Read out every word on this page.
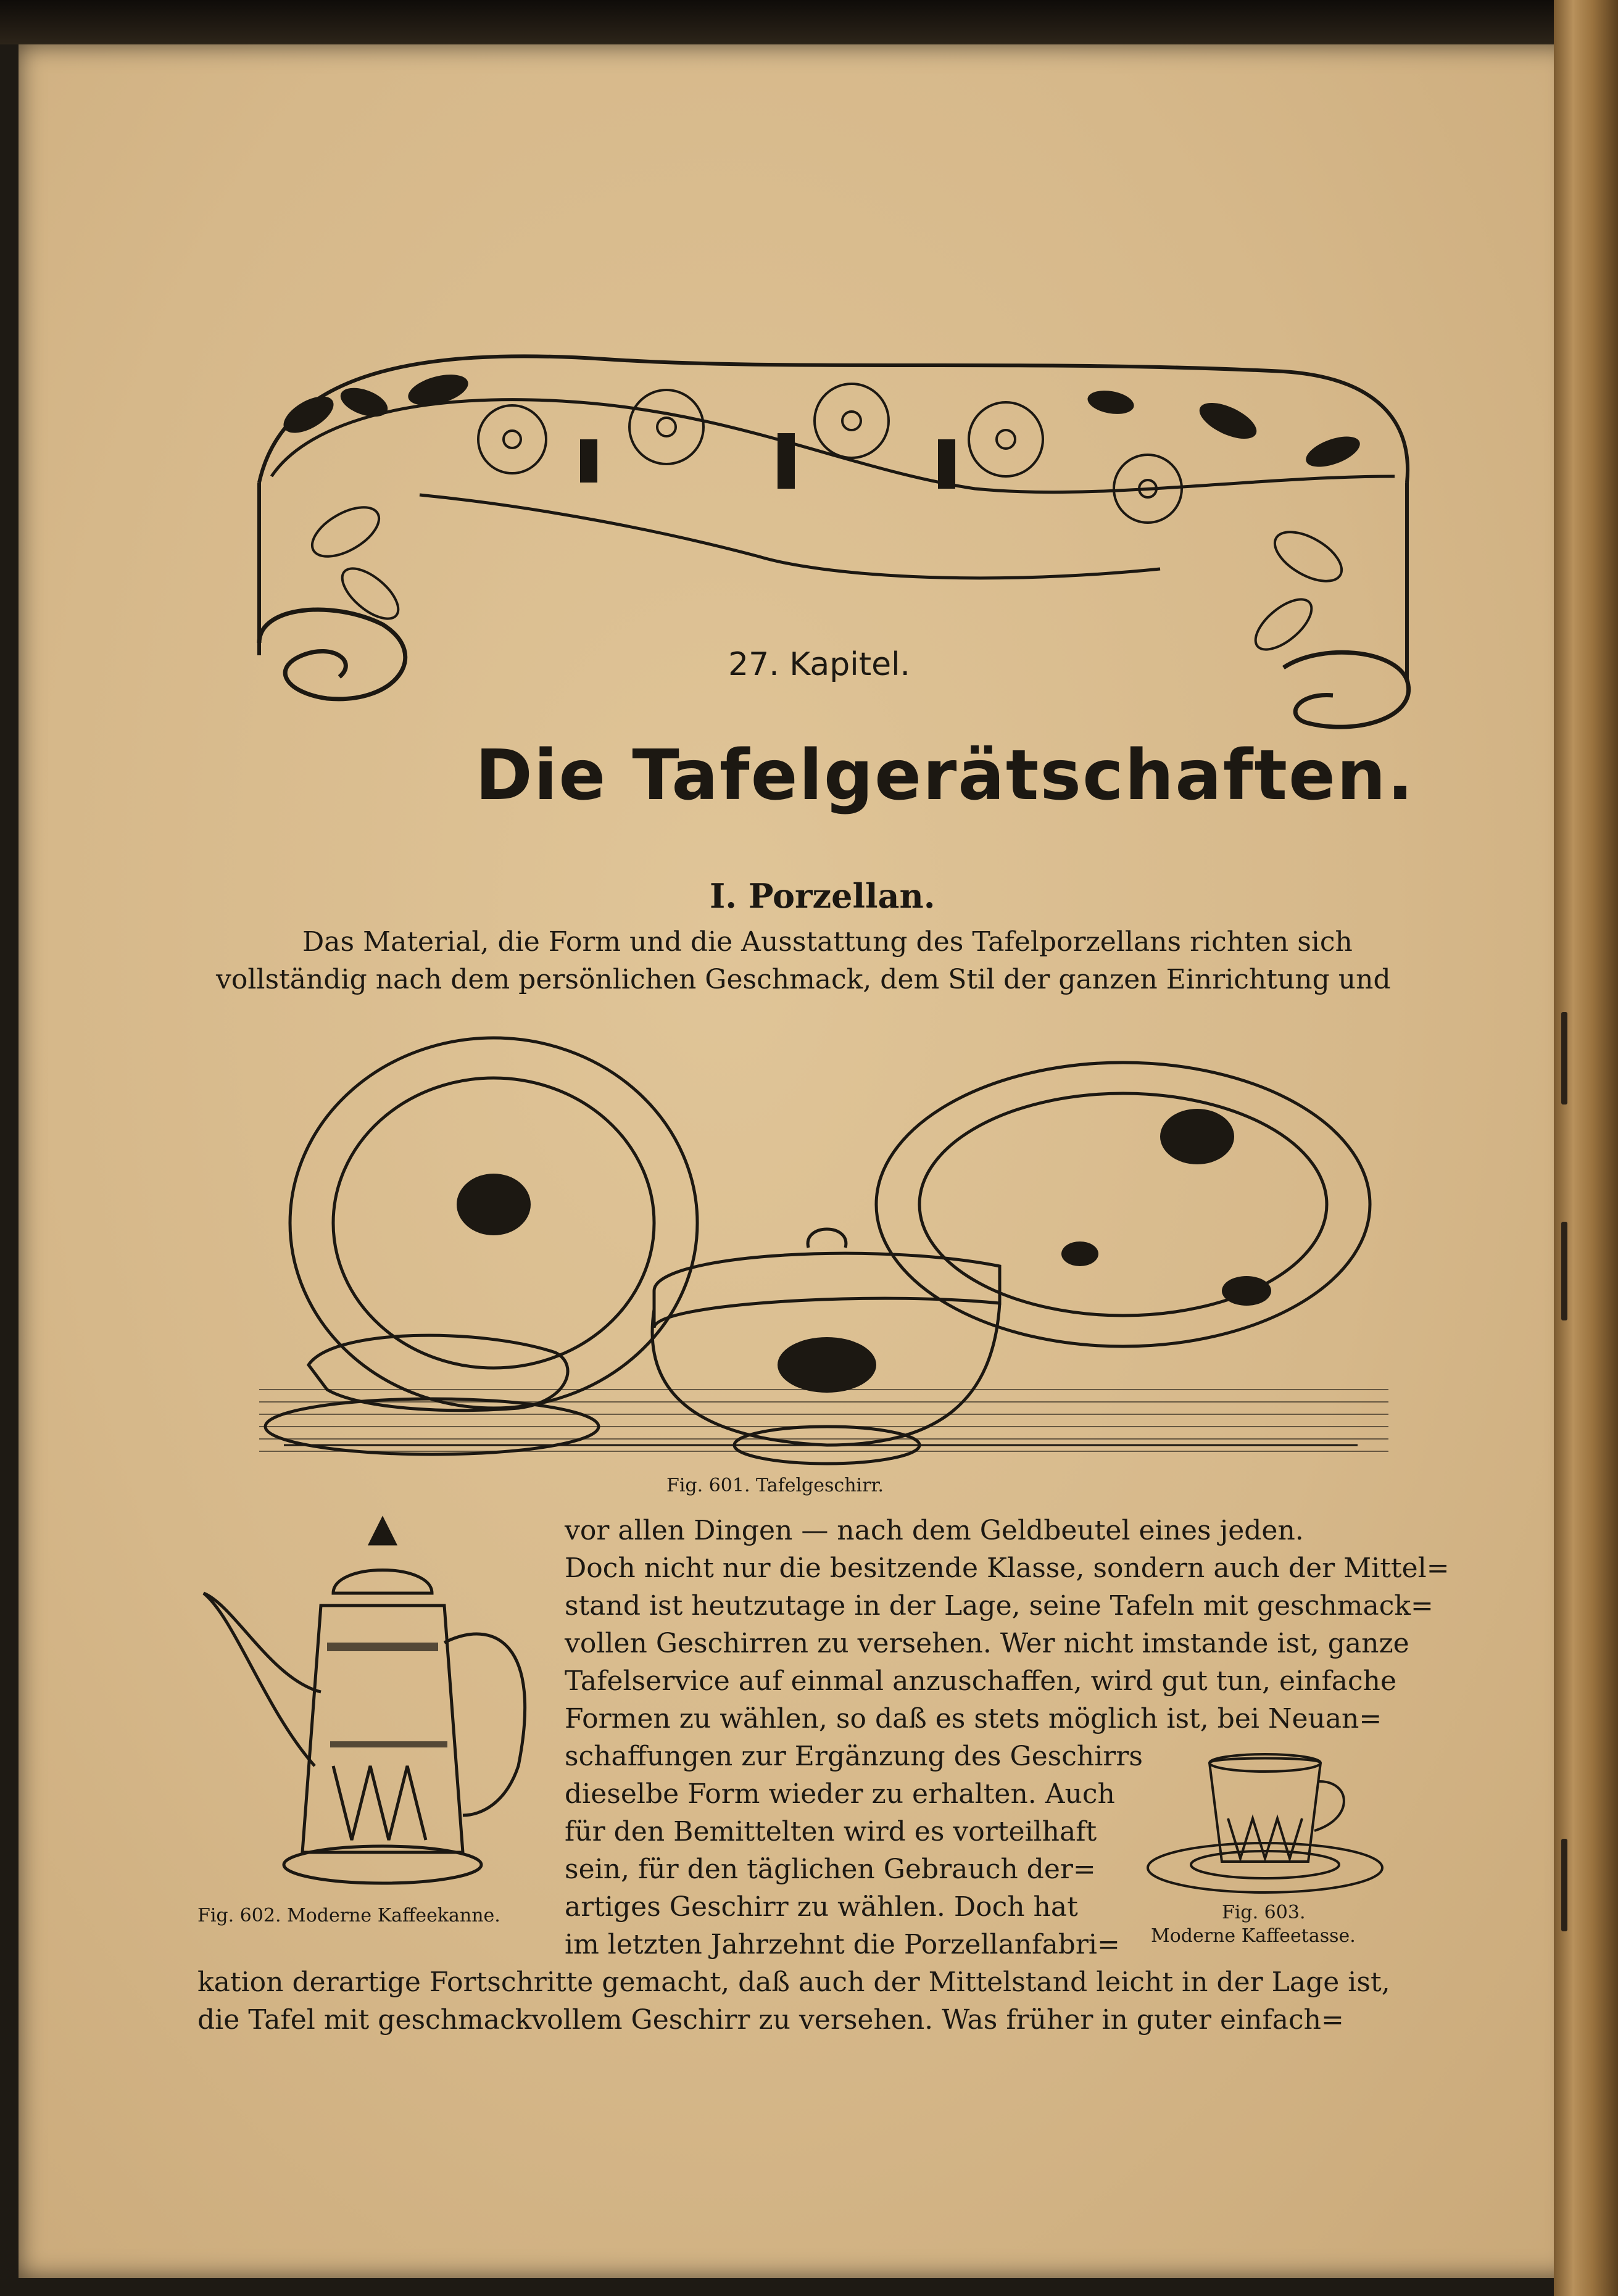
27. Kapitel.
Die Tafelgerätschaften.
I. Porzellan.
Das Material, die Form und die Ausstattung des Tafelporzellans richten sich
vollständig nach dem persönlichen Geschmack, dem Stil der ganzen Einrichtung und
Fig. 601. Tafelgeschirr.
Fig. 602. Moderne Kaffeekanne.	Fig. 603.
Moderne Kaffeetasse.
vor allen Dingen — nach dem Geldbeutel eines jeden.
Doch nicht nur die besitzende Klasse, sondern auch der Mittel=
stand ist heutzutage in der Lage, seine Tafeln mit geschmack=
vollen Geschirren zu versehen. Wer nicht imstande ist, ganze
Tafelservice auf einmal anzuschaffen, wird gut tun, einfache
Formen zu wählen, so daß es stets möglich ist, bei Neuan=
schaffungen zur Ergänzung des Geschirrs
dieselbe Form wieder zu erhalten. Auch
für den Bemittelten wird es vorteilhaft
sein, für den täglichen Gebrauch der=
artiges Geschirr zu wählen. Doch hat
im letzten Jahrzehnt die Porzellanfabri=
kation derartige Fortschritte gemacht, daß auch der Mittelstand leicht in der Lage ist,
die Tafel mit geschmackvollem Geschirr zu versehen. Was früher in guter einfach=
